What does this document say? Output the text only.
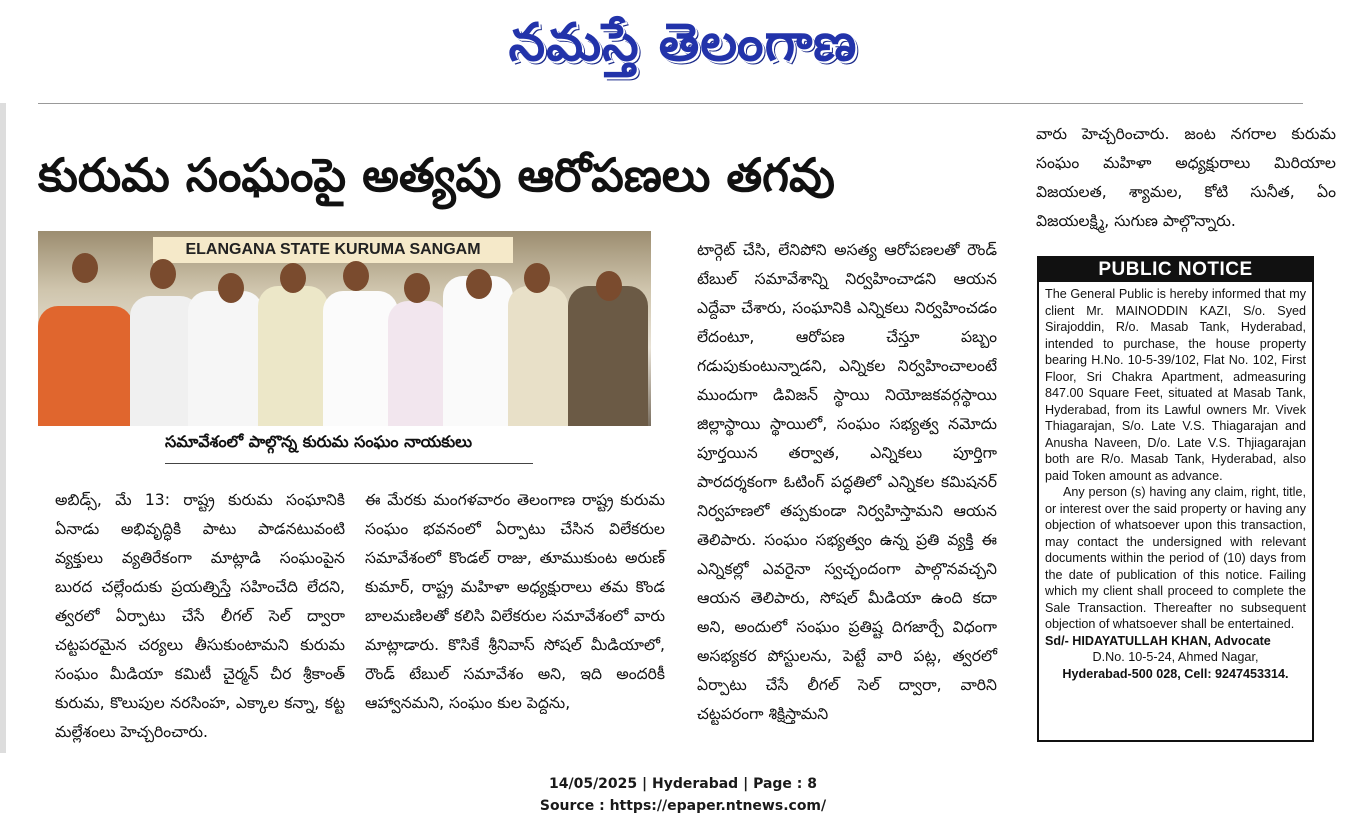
నమస్తే తెలంగాణ
కురుమ సంఘంపై అత్యపు ఆరోపణలు తగవు
ELANGANA STATE KURUMA SANGAM
సమావేశంలో పాల్గొన్న కురుమ సంఘం నాయకులు
అబిడ్స్, మే 13: రాష్ట్ర కురుమ సంఘానికి ఏనాడు అభివృద్ధికి పాటు పాడనటువంటి వ్యక్తులు వ్యతిరేకంగా మాట్లాడి సంఘంపైన బురద చల్లేందుకు ప్రయత్నిస్తే సహించేది లేదని, త్వరలో ఏర్పాటు చేసే లీగల్ సెల్ ద్వారా చట్టపరమైన చర్యలు తీసుకుంటామని కురుమ సంఘం మీడియా కమిటీ చైర్మన్ చీర శ్రీకాంత్ కురుమ, కొలుపుల నరసింహ, ఎక్కాల కన్నా, కట్ట మల్లేశంలు హెచ్చరించారు.
ఈ మేరకు మంగళవారం తెలంగాణ రాష్ట్ర కురుమ సంఘం భవనంలో ఏర్పాటు చేసిన విలేకరుల సమావేశంలో కొండల్ రాజు, తూముకుంట అరుణ్ కుమార్, రాష్ట్ర మహిళా అధ్యక్షురాలు తమ కొండ బాలమణిలతో కలిసి విలేకరుల సమావేశంలో వారు మాట్లాడారు. కొసికే శ్రీనివాస్ సోషల్ మీడియాలో, రౌండ్ టేబుల్ సమావేశం అని, ఇది అందరికీ ఆహ్వానమని, సంఘం కుల పెద్దను,
టార్గెట్ చేసి, లేనిపోని అసత్య ఆరోపణలతో రౌండ్ టేబుల్ సమావేశాన్ని నిర్వహించాడని ఆయన ఎద్దేవా చేశారు, సంఘానికి ఎన్నికలు నిర్వహించడం లేదంటూ, ఆరోపణ చేస్తూ పబ్బం గడుపుకుంటున్నాడని, ఎన్నికల నిర్వహించాలంటే ముందుగా డివిజన్ స్థాయి నియోజకవర్గస్థాయి జిల్లాస్థాయి స్థాయిలో, సంఘం సభ్యత్వ నమోదు పూర్తయిన తర్వాత, ఎన్నికలు పూర్తిగా పారదర్శకంగా ఓటింగ్ పద్ధతిలో ఎన్నికల కమిషనర్ నిర్వహణలో తప్పకుండా నిర్వహిస్తామని ఆయన తెలిపారు. సంఘం సభ్యత్వం ఉన్న ప్రతి వ్యక్తి ఈ ఎన్నికల్లో ఎవరైనా స్వచ్ఛందంగా పాల్గొనవచ్చని ఆయన తెలిపారు, సోషల్ మీడియా ఉంది కదా అని, అందులో సంఘం ప్రతిష్ట దిగజార్చే విధంగా అసభ్యకర పోస్టులను, పెట్టే వారి పట్ల, త్వరలో ఏర్పాటు చేసే లీగల్ సెల్ ద్వారా, వారిని చట్టపరంగా శిక్షిస్తామని
వారు హెచ్చరించారు. జంట నగరాల కురుమ సంఘం మహిళా అధ్యక్షురాలు మిరియాల విజయలత, శ్యామల, కోటి సునీత, ఏం విజయలక్ష్మి, సుగుణ పాల్గొన్నారు.
PUBLIC NOTICE

The General Public is hereby informed that my client Mr. MAINODDIN KAZI, S/o. Syed Sirajoddin, R/o. Masab Tank, Hyderabad, intended to purchase, the house property bearing H.No. 10-5-39/102, Flat No. 102, First Floor, Sri Chakra Apartment, admeasuring 847.00 Square Feet, situated at Masab Tank, Hyderabad, from its Lawful owners Mr. Vivek Thiagarajan, S/o. Late V.S. Thiagarajan and Anusha Naveen, D/o. Late V.S. Thjiagarajan both are R/o. Masab Tank, Hyderabad, also paid Token amount as advance.

Any person (s) having any claim, right, title, or interest over the said property or having any objection of whatsoever upon this transaction, may contact the undersigned with relevant documents within the period of (10) days from the date of publication of this notice. Failing which my client shall proceed to complete the Sale Transaction. Thereafter no subsequent objection of whatsoever shall be entertained.

Sd/- HIDAYATULLAH KHAN, Advocate
D.No. 10-5-24, Ahmed Nagar,
Hyderabad-500 028, Cell: 9247453314.
14/05/2025 | Hyderabad | Page : 8
Source : https://epaper.ntnews.com/
